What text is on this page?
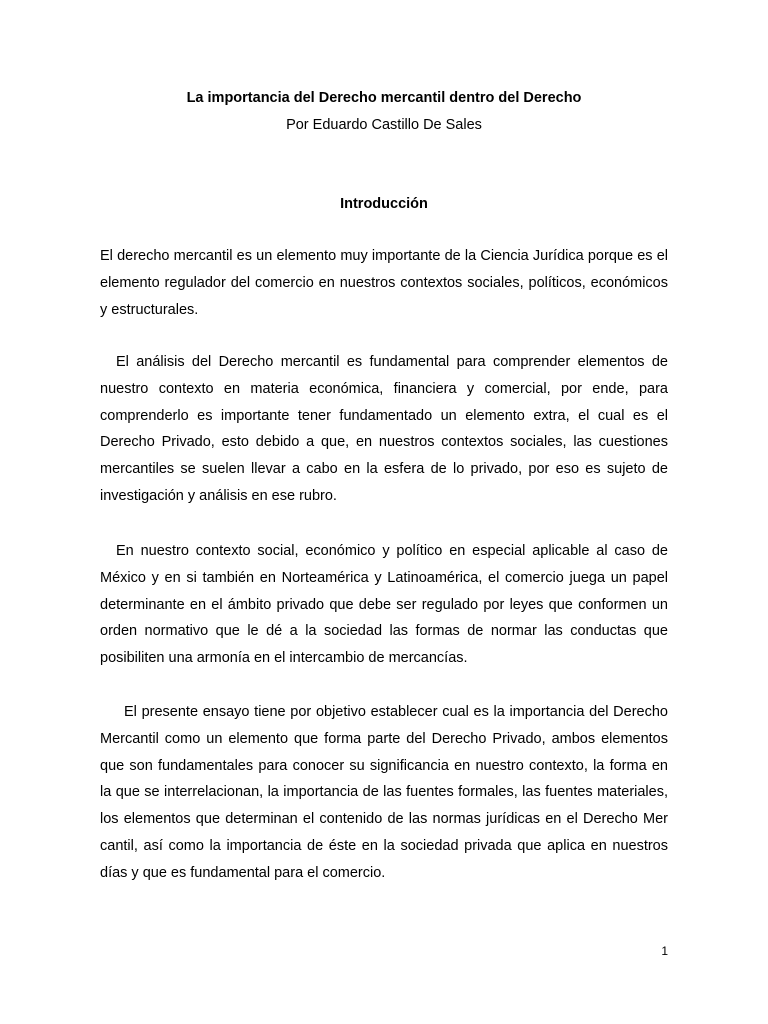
La importancia del Derecho mercantil dentro del Derecho
Por Eduardo Castillo De Sales
Introducción

El derecho mercantil es un elemento muy importante de la Ciencia Jurídica porque es el elemento regulador del comercio en nuestros contextos sociales, políticos, económicos y estructurales.

El análisis del Derecho mercantil es fundamental para comprender elementos de nuestro contexto en materia económica, financiera y comercial, por ende, para comprenderlo es importante tener fundamentado un elemento extra, el cual es el Derecho Privado, esto debido a que, en nuestros contextos sociales, las cuestiones mercantiles se suelen llevar a cabo en la esfera de lo privado, por eso es sujeto de investigación y análisis en ese rubro.

En nuestro contexto social, económico y político en especial aplicable al caso de México y en si también en Norteamérica y Latinoamérica, el comercio juega un papel determinante en el ámbito privado que debe ser regulado por leyes que conformen un orden normativo que le dé a la sociedad las formas de normar las conductas que posibiliten una armonía en el intercambio de mercancías.

El presente ensayo tiene por objetivo establecer cual es la importancia del Derecho Mercantil como un elemento que forma parte del Derecho Privado, ambos elementos que son fundamentales para conocer su significancia en nuestro contexto, la forma en la que se interrelacionan, la importancia de las fuentes formales, las fuentes materiales, los elementos que determinan el contenido de las normas jurídicas en el Derecho Mer cantil, así como la importancia de éste en la sociedad privada que aplica en nuestros días y que es fundamental para el comercio.

1
